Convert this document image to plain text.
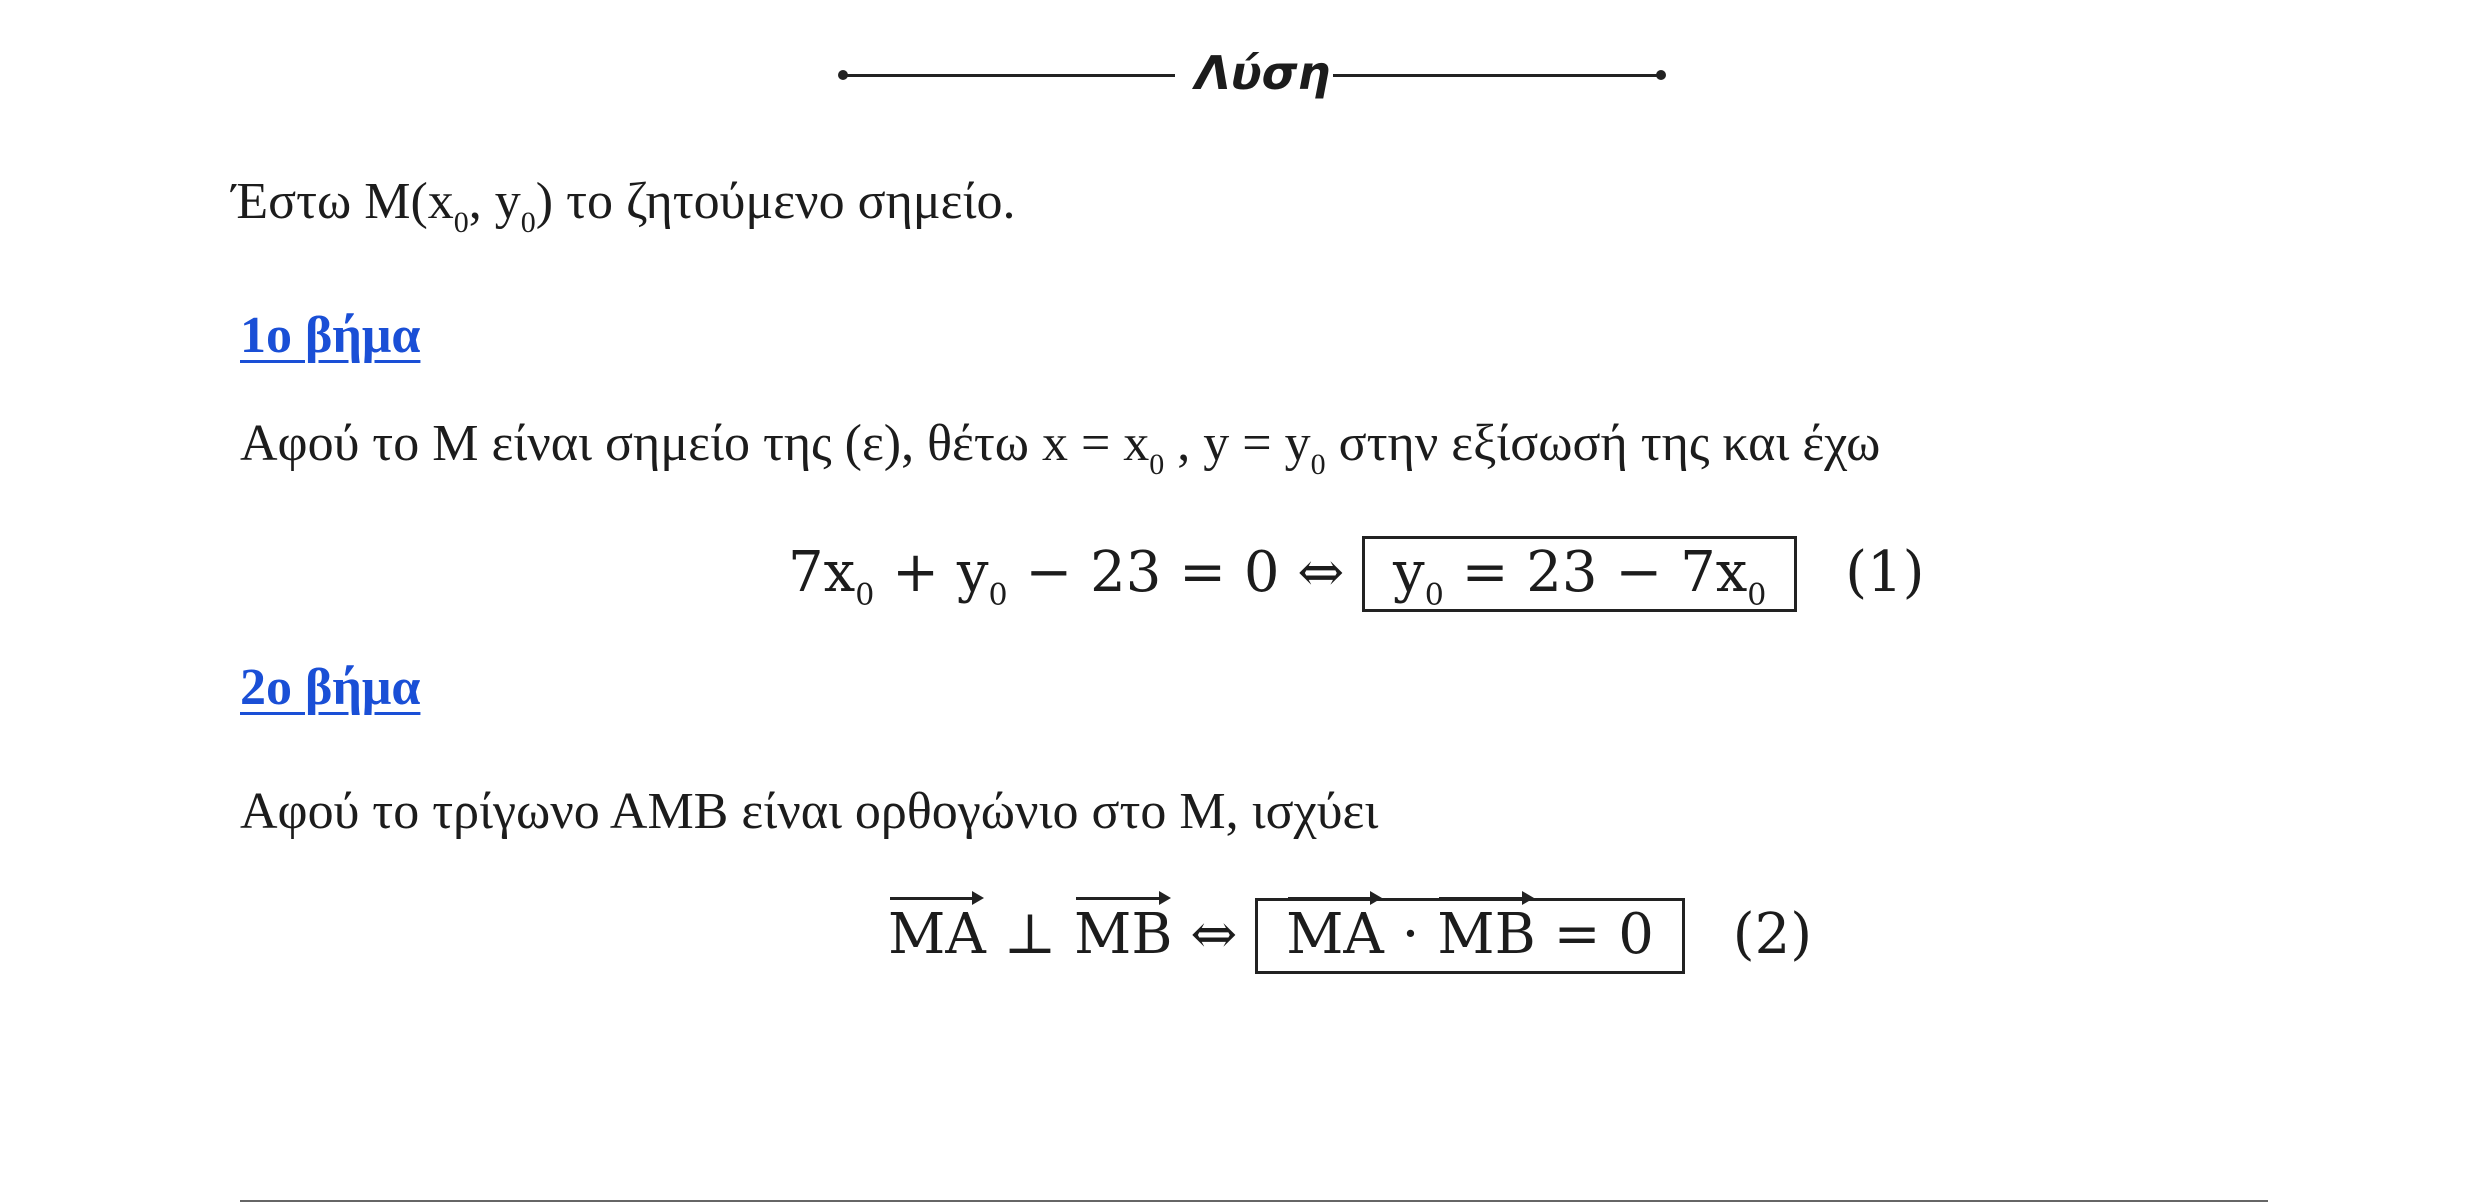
Λύση
Έστω $M(x_0$, $y_0$) το ζητούμενο σημείο.
1ο βήμα
Αφού το Μ είναι σημείο της (ε), θέτω $x = x_0$ , $y = y_0$ στην εξίσωσή της και έχω
$7x_0 + y_0 - 23 = 0$ ⇔ $y_0 = 23 - 7x_0$ (1)
2ο βήμα
Αφού το τρίγωνο ΑΜΒ είναι ορθογώνιο στο Μ, ισχύει
MA ⊥ MB ⇔ MA · MB = 0 (2)
